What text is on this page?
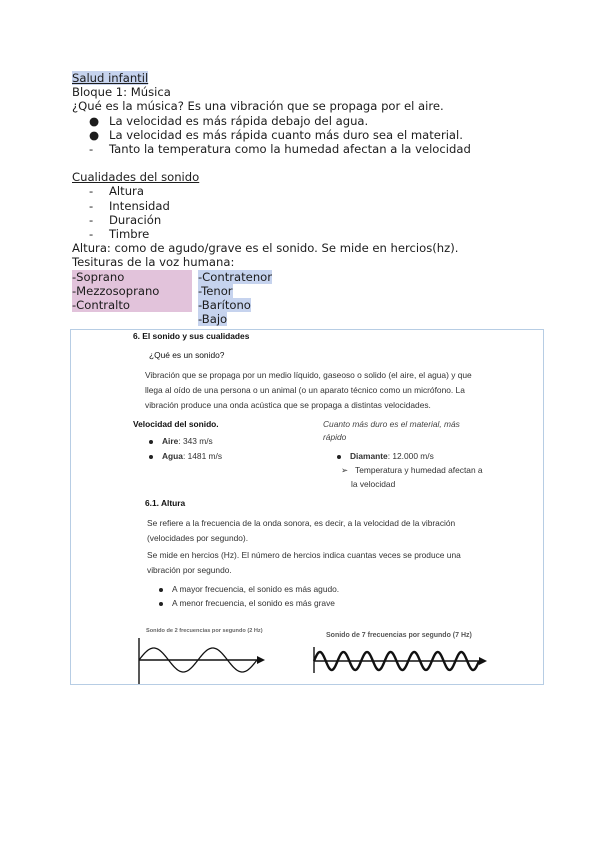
Salud infantil
Bloque 1: Música
¿Qué es la música? Es una vibración que se propaga por el aire.
● La velocidad es más rápida debajo del agua.
● La velocidad es más rápida cuanto más duro sea el material.
- Tanto la temperatura como la humedad afectan a la velocidad
Cualidades del sonido
- Altura
- Intensidad
- Duración
- Timbre
Altura: como de agudo/grave es el sonido. Se mide en hercios(hz).
Tesituras de la voz humana:
-Soprano
-Mezzosoprano
-Contralto
-Contratenor
-Tenor
-Barítono
-Bajo
6. El sonido y sus cualidades
¿Qué es un sonido?
Vibración que se propaga por un medio líquido, gaseoso o solido (el aire, el agua) y que
llega al oído de una persona o un animal (o un aparato técnico como un micrófono. La
vibración produce una onda acústica que se propaga a distintas velocidades.
Velocidad del sonido.
Aire: 343 m/s
Agua: 1481 m/s
Cuanto más duro es el material, más
rápido
Diamante: 12.000 m/s
➢ Temperatura y humedad afectan a
la velocidad
6.1. Altura
Se refiere a la frecuencia de la onda sonora, es decir, a la velocidad de la vibración
(velocidades por segundo).
Se mide en hercios (Hz). El número de hercios indica cuantas veces se produce una
vibración por segundo.
A mayor frecuencia, el sonido es más agudo.
A menor frecuencia, el sonido es más grave
Sonido de 2 frecuencias por segundo (2 Hz)
Sonido de 7 frecuencias por segundo (7 Hz)
